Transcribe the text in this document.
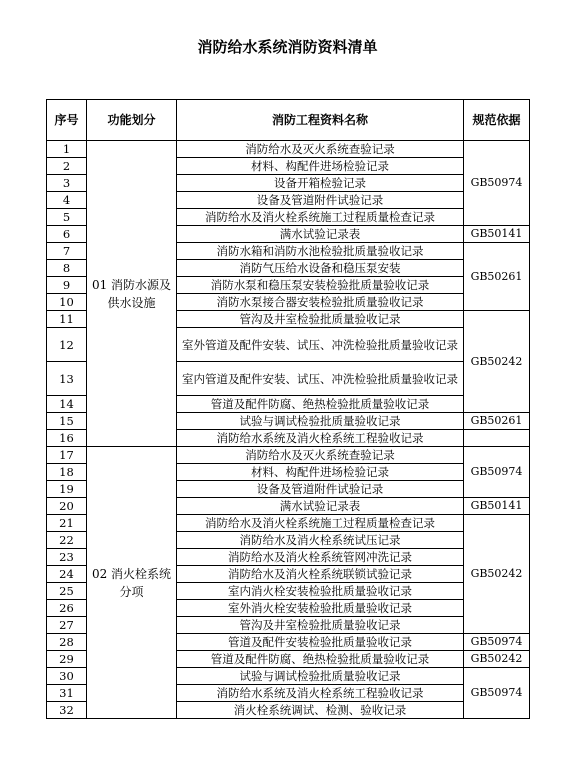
消防给水系统消防资料清单
序号	功能划分	消防工程资料名称	规范依据
1	01 消防水源及供水设施	消防给水及灭火系统查验记录	GB50974
2		材料、构配件进场检验记录	
3		设备开箱检验记录	
4		设备及管道附件试验记录	
5		消防给水及消火栓系统施工过程质量检查记录	
6		满水试验记录表	GB50141
7		消防水箱和消防水池检验批质量验收记录	GB50261
8		消防气压给水设备和稳压泵安装	
9		消防水泵和稳压泵安装检验批质量验收记录	
10		消防水泵接合器安装检验批质量验收记录	
11		管沟及井室检验批质量验收记录	GB50242
12		室外管道及配件安装、试压、冲洗检验批质量验收记录	
13		室内管道及配件安装、试压、冲洗检验批质量验收记录	
14		管道及配件防腐、绝热检验批质量验收记录	
15		试验与调试检验批质量验收记录	GB50261
16		消防给水系统及消火栓系统工程验收记录	
17	02 消火栓系统分项	消防给水及灭火系统查验记录	GB50974
18		材料、构配件进场检验记录	
19		设备及管道附件试验记录	
20		满水试验记录表	GB50141
21		消防给水及消火栓系统施工过程质量检查记录	GB50242
22		消防给水及消火栓系统试压记录	
23		消防给水及消火栓系统管网冲洗记录	
24		消防给水及消火栓系统联锁试验记录	
25		室内消火栓安装检验批质量验收记录	
26		室外消火栓安装检验批质量验收记录	
27		管沟及井室检验批质量验收记录	
28		管道及配件安装检验批质量验收记录	GB50974
29		管道及配件防腐、绝热检验批质量验收记录	GB50242
30		试验与调试检验批质量验收记录	GB50974
31		消防给水系统及消火栓系统工程验收记录	
32		消火栓系统调试、检测、验收记录	
